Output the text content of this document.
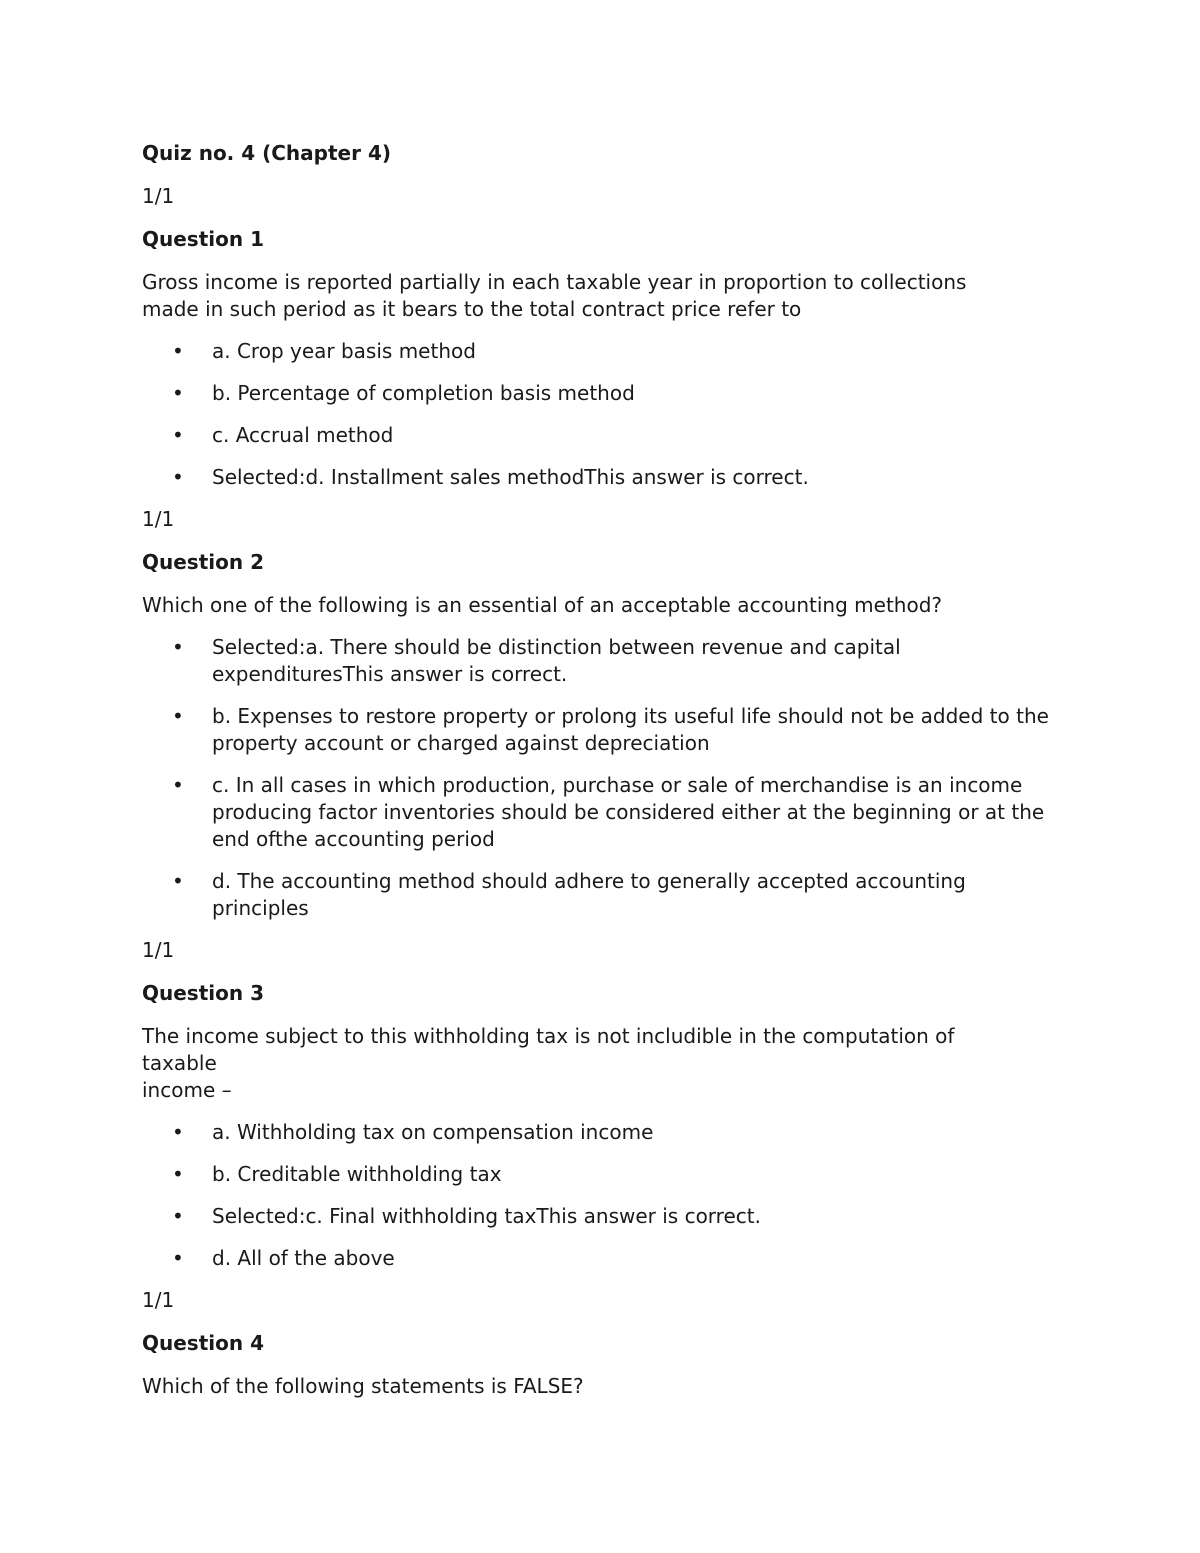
Quiz no. 4 (Chapter 4)
1/1
Question 1
Gross income is reported partially in each taxable year in proportion to collections
made in such period as it bears to the total contract price refer to
• a. Crop year basis method
• b. Percentage of completion basis method
• c. Accrual method
• Selected:d. Installment sales methodThis answer is correct.
1/1
Question 2
Which one of the following is an essential of an acceptable accounting method?
• Selected:a. There should be distinction between revenue and capital expendituresThis answer is correct.
• b. Expenses to restore property or prolong its useful life should not be added to the property account or charged against depreciation
• c. In all cases in which production, purchase or sale of merchandise is an income producing factor inventories should be considered either at the beginning or at the end ofthe accounting period
• d. The accounting method should adhere to generally accepted accounting principles
1/1
Question 3
The income subject to this withholding tax is not includible in the computation of
taxable
income –
• a. Withholding tax on compensation income
• b. Creditable withholding tax
• Selected:c. Final withholding taxThis answer is correct.
• d. All of the above
1/1
Question 4
Which of the following statements is FALSE?
